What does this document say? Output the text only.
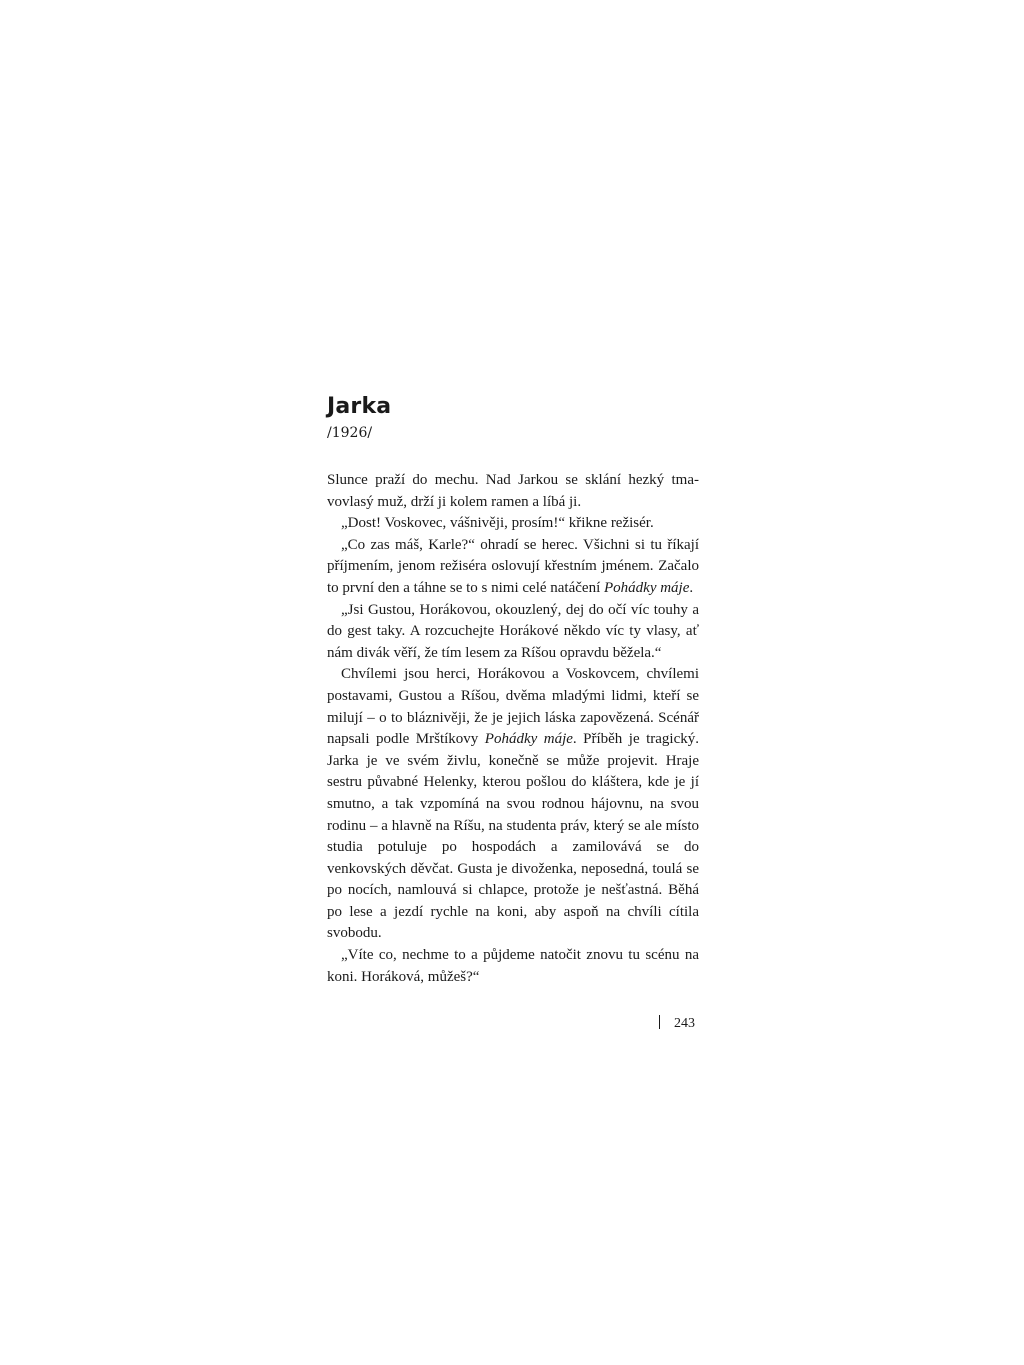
Jarka
/1926/

Slunce praží do mechu. Nad Jarkou se sklání hezký tmavovlasý muž, drží ji kolem ramen a líbá ji.

„Dost! Voskovec, vášnivěji, prosím!“ křikne režisér.

„Co zas máš, Karle?“ ohradí se herec. Všichni si tu říkají příjmením, jenom režiséra oslovují křestním jménem. Začalo to první den a táhne se to s nimi celé natáčení Pohádky máje.

„Jsi Gustou, Horákovou, okouzlený, dej do očí víc touhy a do gest taky. A rozcuchejte Horákové někdo víc ty vlasy, ať nám divák věří, že tím lesem za Ríšou opravdu běžela.“

Chvílemi jsou herci, Horákovou a Voskovcem, chvílemi postavami, Gustou a Ríšou, dvěma mladými lidmi, kteří se milují – o to bláznivěji, že je jejich láska zapovězená. Scénář napsali podle Mrštíkovy Pohádky máje. Příběh je tragický. Jarka je ve svém živlu, konečně se může projevit. Hraje sestru půvabné Helenky, kterou pošlou do kláštera, kde je jí smutno, a tak vzpomíná na svou rodnou hájovnu, na svou rodinu – a hlavně na Ríšu, na studenta práv, který se ale místo studia potuluje po hospodách a zamilovává se do venkovských děvčat. Gusta je divoženka, neposedná, toulá se po nocích, namlouvá si chlapce, protože je nešťastná. Běhá po lese a jezdí rychle na koni, aby aspoň na chvíli cítila svobodu.

„Víte co, nechme to a půjdeme natočit znovu tu scénu na koni. Horáková, můžeš?“

243
